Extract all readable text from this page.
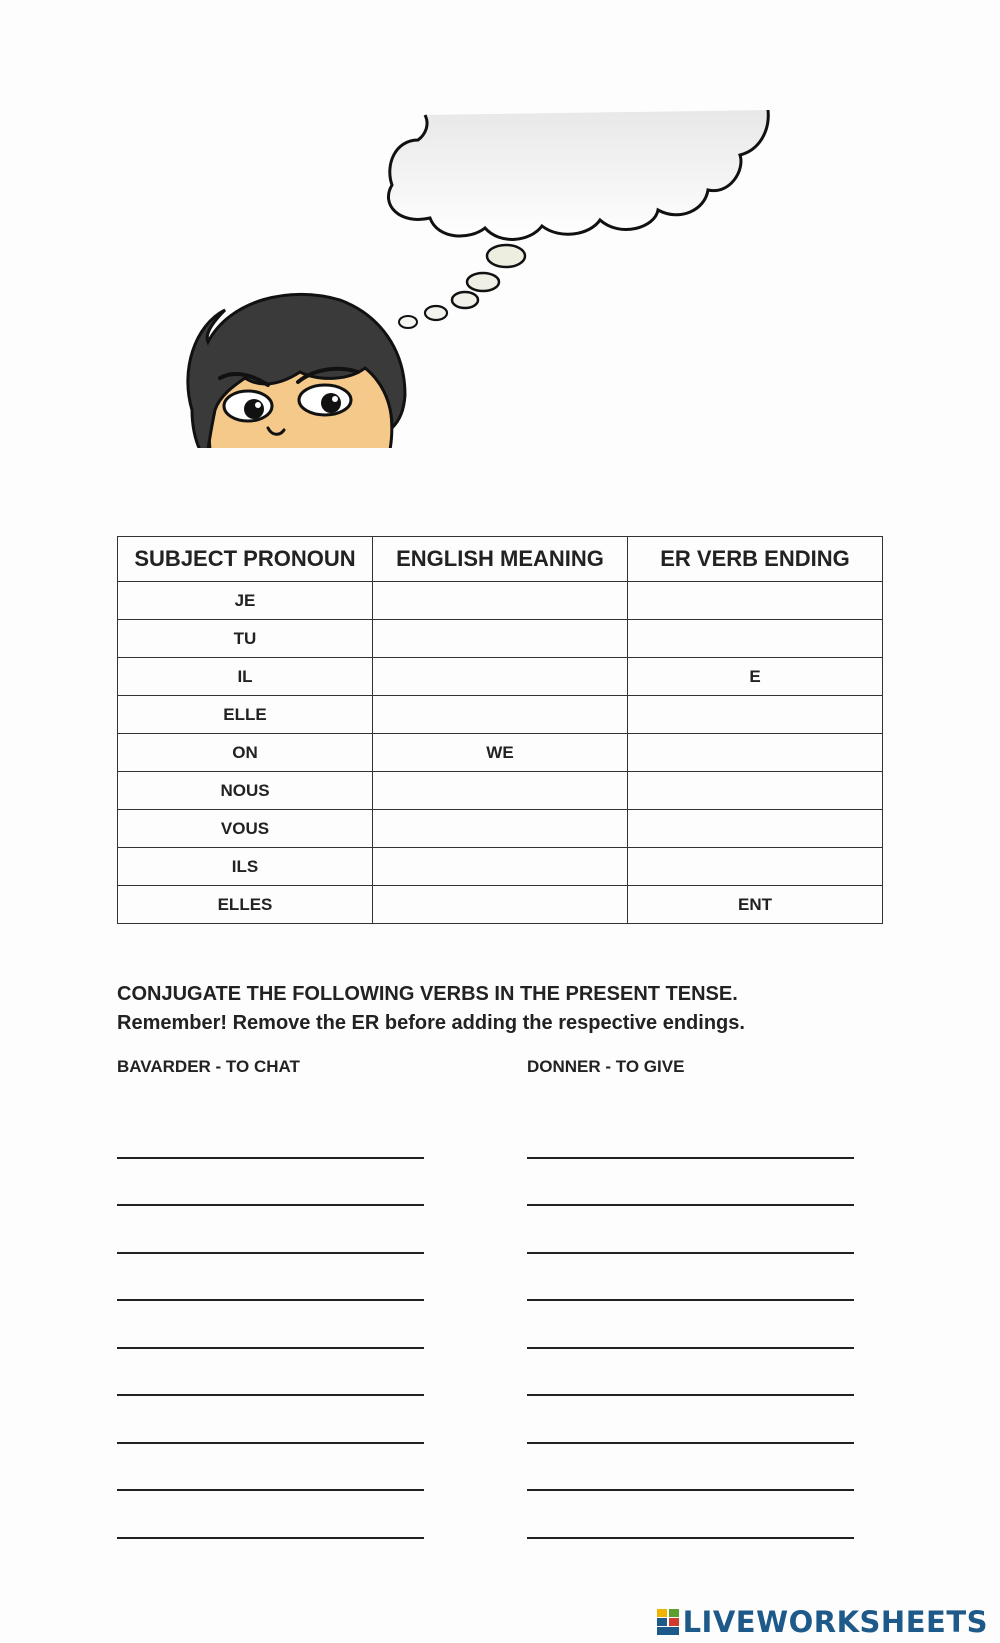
SUBJECT PRONOUN	ENGLISH MEANING	ER VERB ENDING
JE		
TU		
IL		E
ELLE		
ON	WE	
NOUS		
VOUS		
ILS		
ELLES		ENT
CONJUGATE THE FOLLOWING VERBS IN THE PRESENT TENSE.
Remember! Remove the ER before adding the respective endings.
BAVARDER - TO CHAT	DONNER - TO GIVE
LIVEWORKSHEETS
